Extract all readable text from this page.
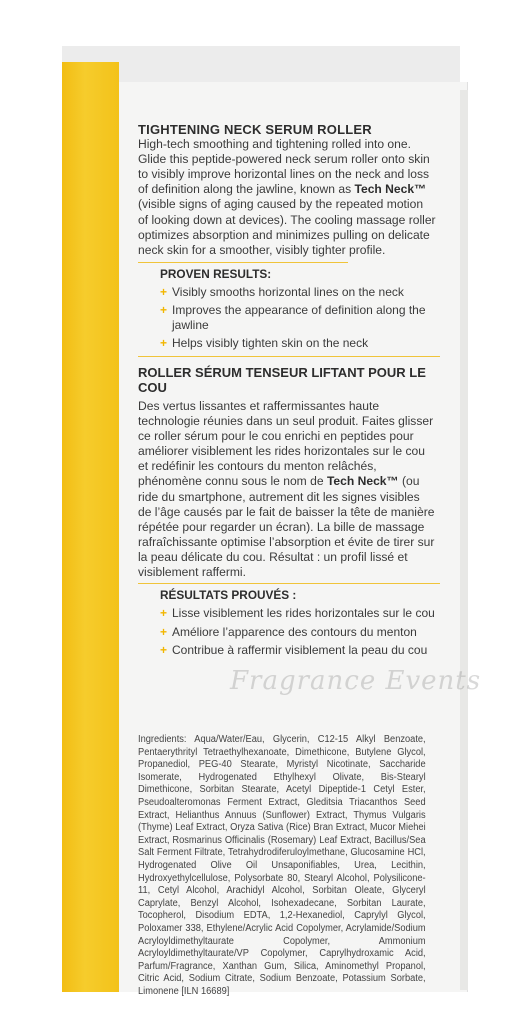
TIGHTENING NECK SERUM ROLLER

High-tech smoothing and tightening rolled into one. Glide this peptide-powered neck serum roller onto skin to visibly improve horizontal lines on the neck and loss of definition along the jawline, known as Tech Neck™ (visible signs of aging caused by the repeated motion of looking down at devices). The cooling massage roller optimizes absorption and minimizes pulling on delicate neck skin for a smoother, visibly tighter profile.

PROVEN RESULTS:
+ Visibly smooths horizontal lines on the neck
+ Improves the appearance of definition along the jawline
+ Helps visibly tighten skin on the neck
ROLLER SÉRUM TENSEUR LIFTANT POUR LE COU

Des vertus lissantes et raffermissantes haute technologie réunies dans un seul produit. Faites glisser ce roller sérum pour le cou enrichi en peptides pour améliorer visiblement les rides horizontales sur le cou et redéfinir les contours du menton relâchés, phénomène connu sous le nom de Tech Neck™ (ou ride du smartphone, autrement dit les signes visibles de l’âge causés par le fait de baisser la tête de manière répétée pour regarder un écran). La bille de massage rafraîchissante optimise l’absorption et évite de tirer sur la peau délicate du cou. Résultat : un profil lissé et visiblement raffermi.

RÉSULTATS PROUVÉS :
+ Lisse visiblement les rides horizontales sur le cou
+ Améliore l’apparence des contours du menton
+ Contribue à raffermir visiblement la peau du cou
Fragrance Events

Ingredients: Aqua/Water/Eau, Glycerin, C12-15 Alkyl Benzoate, Pentaerythrityl Tetraethylhexanoate, Dimethicone, Butylene Glycol, Propanediol, PEG-40 Stearate, Myristyl Nicotinate, Saccharide Isomerate, Hydrogenated Ethylhexyl Olivate, Bis-Stearyl Dimethicone, Sorbitan Stearate, Acetyl Dipeptide-1 Cetyl Ester, Pseudoalteromonas Ferment Extract, Gleditsia Triacanthos Seed Extract, Helianthus Annuus (Sunflower) Extract, Thymus Vulgaris (Thyme) Leaf Extract, Oryza Sativa (Rice) Bran Extract, Mucor Miehei Extract, Rosmarinus Officinalis (Rosemary) Leaf Extract, Bacillus/Sea Salt Ferment Filtrate, Tetrahydrodiferuloylmethane, Glucosamine HCl, Hydrogenated Olive Oil Unsaponifiables, Urea, Lecithin, Hydroxyethylcellulose, Polysorbate 80, Stearyl Alcohol, Polysilicone-11, Cetyl Alcohol, Arachidyl Alcohol, Sorbitan Oleate, Glyceryl Caprylate, Benzyl Alcohol, Isohexadecane, Sorbitan Laurate, Tocopherol, Disodium EDTA, 1,2-Hexanediol, Caprylyl Glycol, Poloxamer 338, Ethylene/Acrylic Acid Copolymer, Acrylamide/Sodium Acryloyldimethyltaurate Copolymer, Ammonium Acryloyldimethyltaurate/VP Copolymer, Caprylhydroxamic Acid, Parfum/Fragrance, Xanthan Gum, Silica, Aminomethyl Propanol, Citric Acid, Sodium Citrate, Sodium Benzoate, Potassium Sorbate, Limonene [ILN 16689]
